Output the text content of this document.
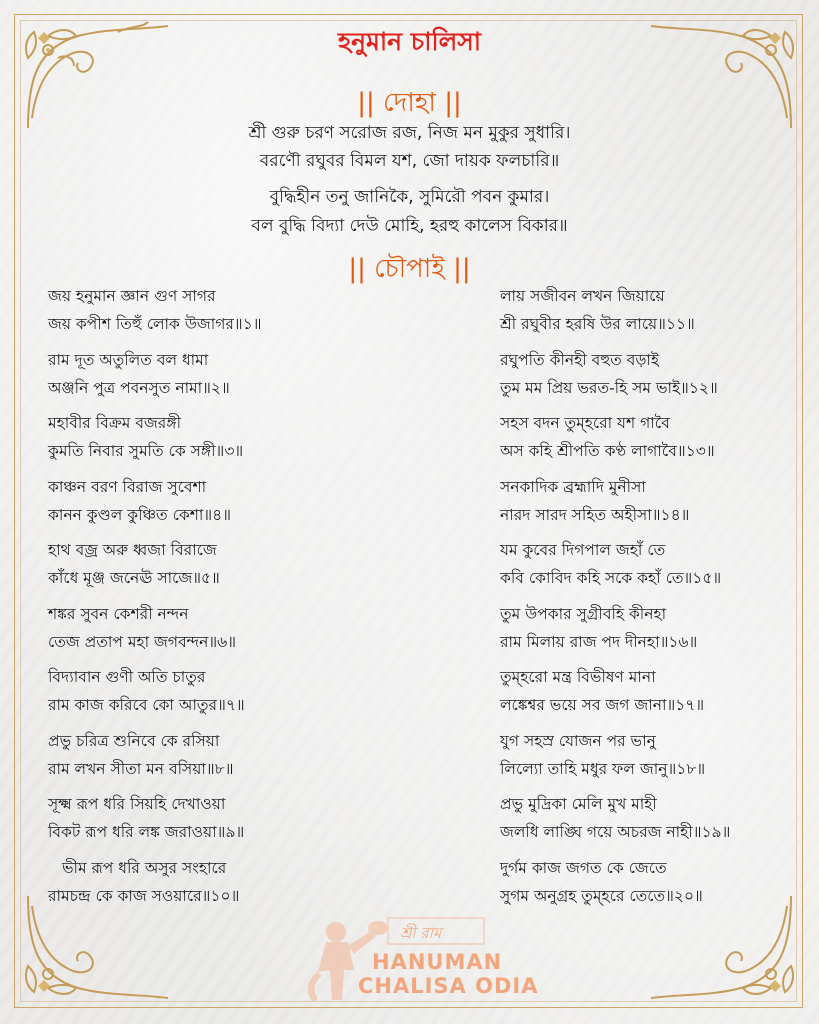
হনুমান চালিসা
|| দোহা ||
শ্রী গুরু চরণ সরোজ রজ, নিজ মন মুকুর সুধারি।
বরণৌ রঘুবর বিমল যশ, জো দায়ক ফলচারি॥
বুদ্ধিহীন তনু জানিকৈ, সুমিরৌ পবন কুমার।
বল বুদ্ধি বিদ্যা দেউ মোহি, হরহু কালেস বিকার॥
|| চৌপাই ||
জয় হনুমান জ্ঞান গুণ সাগর
জয় কপীশ তিহুঁ লোক উজাগর॥১॥
রাম দূত অতুলিত বল ধামা
অঞ্জনি পুত্র পবনসুত নামা॥২॥
মহাবীর বিক্রম বজরঙ্গী
কুমতি নিবার সুমতি কে সঙ্গী॥৩॥
কাঞ্চন বরণ বিরাজ সুবেশা
কানন কুণ্ডল কুঞ্চিত কেশা॥৪॥
হাথ বজ্র অরু ধ্বজা বিরাজে
কাঁধে মূঞ্জ জনেঊ সাজে॥৫॥
শঙ্কর সুবন কেশরী নন্দন
তেজ প্রতাপ মহা জগবন্দন॥৬॥
বিদ্যাবান গুণী অতি চাতুর
রাম কাজ করিবে কো আতুর॥৭॥
প্রভু চরিত্র শুনিবে কে রসিয়া
রাম লখন সীতা মন বসিয়া॥৮॥
সূক্ষ্ম রূপ ধরি সিয়হি দেখাওয়া
বিকট রূপ ধরি লঙ্ক জরাওয়া॥৯॥
ভীম রূপ ধরি অসুর সংহারে
রামচন্দ্র কে কাজ সওয়ারে॥১০॥
লায় সজীবন লখন জিয়ায়ে
শ্রী রঘুবীর হরষি উর লায়ে॥১১॥
রঘুপতি কীনহী বহুত বড়াই
তুম মম প্রিয় ভরত-হি সম ভাই॥১২॥
সহস বদন তুম্হরো যশ গাবৈ
অস কহি শ্রীপতি কণ্ঠ লাগাবৈ॥১৩॥
সনকাদিক ব্রহ্মাদি মুনীসা
নারদ সারদ সহিত অহীসা॥১৪॥
যম কুবের দিগপাল জহাঁ তে
কবি কোবিদ কহি সকে কহাঁ তে॥১৫॥
তুম উপকার সুগ্রীবহি কীনহা
রাম মিলায় রাজ পদ দীনহা॥১৬॥
তুম্হরো মন্ত্র বিভীষণ মানা
লঙ্কেশ্বর ভয়ে সব জগ জানা॥১৭॥
যুগ সহস্র যোজন পর ভানু
লিল্যো তাহি মধুর ফল জানু॥১৮॥
প্রভু মুদ্রিকা মেলি মুখ মাহী
জলধি লাঙ্ঘি গয়ে অচরজ নাহী॥১৯॥
দুর্গম কাজ জগত কে জেতে
সুগম অনুগ্রহ তুম্হরে তেতে॥২০॥
শ্রী রাম
HANUMAN
CHALISA ODIA
